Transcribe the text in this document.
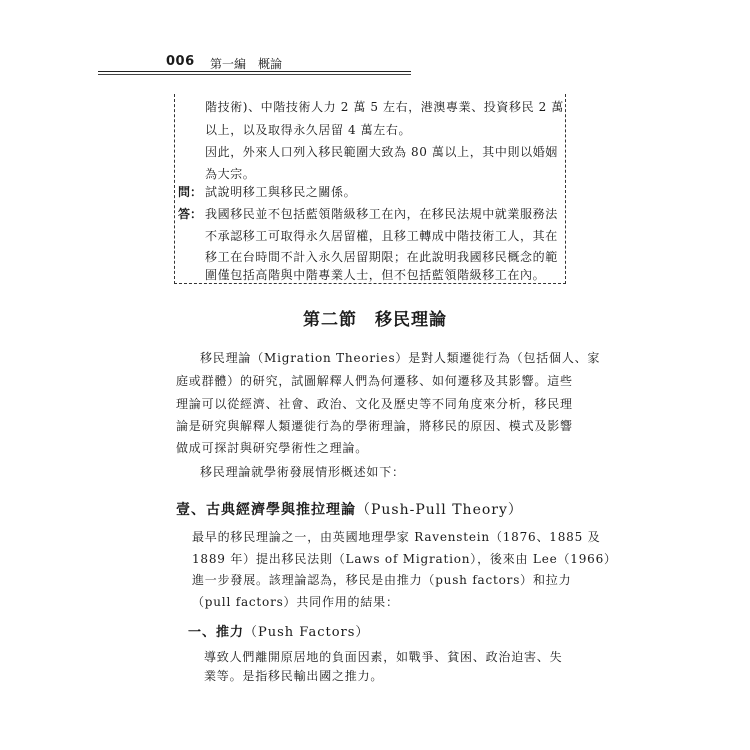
006 第一編　概論
階技術)、中階技術人力 2 萬 5 左右，港澳專業、投資移民 2 萬
以上，以及取得永久居留 4 萬左右。
因此，外來人口列入移民範圍大致為 80 萬以上，其中則以婚姻
為大宗。
問： 試說明移工與移民之關係。
答： 我國移民並不包括藍領階級移工在內，在移民法規中就業服務法
不承認移工可取得永久居留權，且移工轉成中階技術工人，其在
移工在台時間不計入永久居留期限；在此說明我國移民概念的範
圍僅包括高階與中階專業人士，但不包括藍領階級移工在內。
第二節　移民理論
移民理論（Migration Theories）是對人類遷徙行為（包括個人、家
庭或群體）的研究，試圖解釋人們為何遷移、如何遷移及其影響。這些
理論可以從經濟、社會、政治、文化及歷史等不同角度來分析，移民理
論是研究與解釋人類遷徙行為的學術理論，將移民的原因、模式及影響
做成可探討與研究學術性之理論。
移民理論就學術發展情形概述如下：
壹、古典經濟學與推拉理論（Push-Pull Theory）
最早的移民理論之一，由英國地理學家 Ravenstein（1876、1885 及
1889 年）提出移民法則（Laws of Migration），後來由 Lee（1966）
進一步發展。該理論認為，移民是由推力（push factors）和拉力
（pull factors）共同作用的結果：
一、推力（Push Factors）
導致人們離開原居地的負面因素，如戰爭、貧困、政治迫害、失
業等。是指移民輸出國之推力。
